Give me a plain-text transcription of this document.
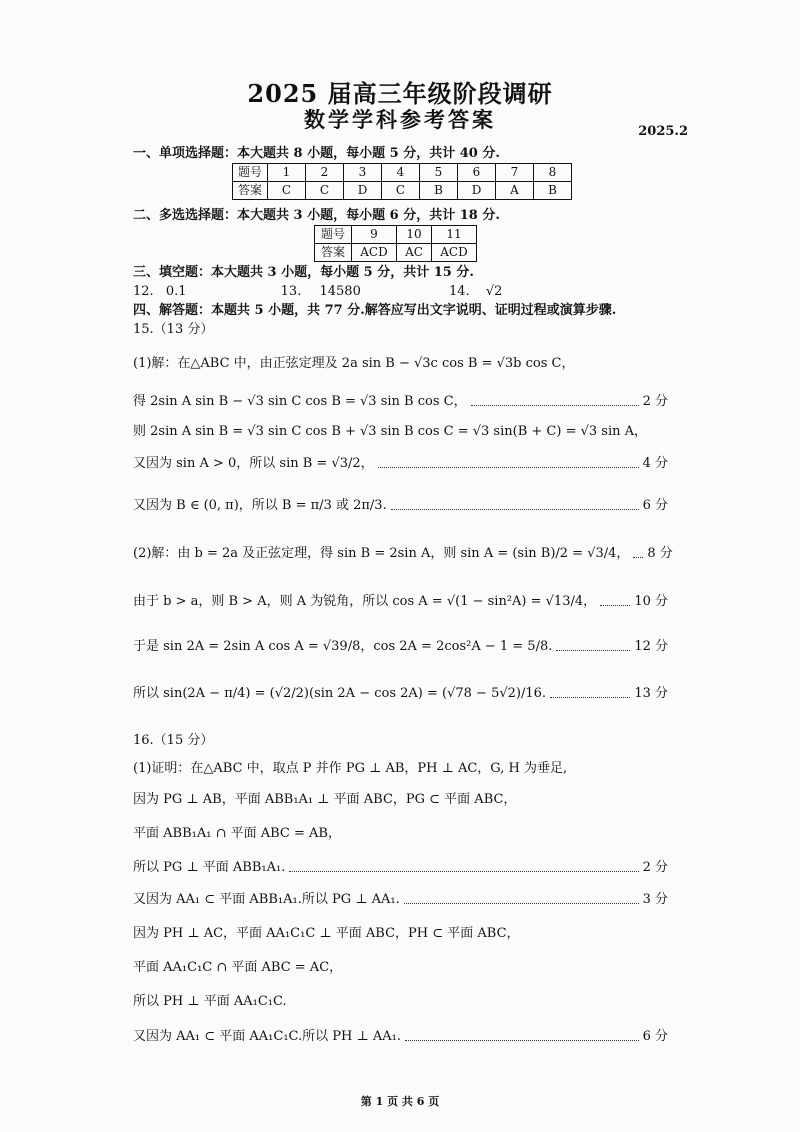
2025 届高三年级阶段调研
数学学科参考答案	2025.2
一、单项选择题：本大题共 8 小题，每小题 5 分，共计 40 分.
题号	1	2	3	4	5	6	7	8
答案	C	C	D	C	B	D	A	B
二、多选选择题：本大题共 3 小题，每小题 6 分，共计 18 分.
题号	9	10	11
答案	ACD	AC	ACD
三、填空题：本大题共 3 小题，每小题 5 分，共计 15 分.
12. 0.1	13. 14580	14. √2
四、解答题：本题共 5 小题，共 77 分.解答应写出文字说明、证明过程或演算步骤.
15.（13 分）
(1)解：在△ABC 中，由正弦定理及 2a sin B − √3c cos B = √3b cos C，
得 2sin A sin B − √3 sin C cos B = √3 sin B cos C，	2 分
则 2sin A sin B = √3 sin C cos B + √3 sin B cos C = √3 sin(B + C) = √3 sin A，
又因为 sin A > 0，所以 sin B = √3/2，	4 分
又因为 B ∈ (0, π)，所以 B = π/3 或 2π/3.	6 分
(2)解：由 b = 2a 及正弦定理，得 sin B = 2sin A，则 sin A = (sin B)/2 = √3/4， 8 分
由于 b > a，则 B > A，则 A 为锐角，所以 cos A = √(1 − sin²A) = √13/4，	10 分
于是 sin 2A = 2sin A cos A = √39/8，cos 2A = 2cos²A − 1 = 5/8.	12 分
所以 sin(2A − π/4) = (√2/2)(sin 2A − cos 2A) = (√78 − 5√2)/16.	13 分
16.（15 分）
(1)证明：在△ABC 中，取点 P 并作 PG ⊥ AB，PH ⊥ AC，G, H 为垂足,
因为 PG ⊥ AB，平面 ABB₁A₁ ⊥ 平面 ABC，PG ⊂ 平面 ABC，
平面 ABB₁A₁ ∩ 平面 ABC = AB，
所以 PG ⊥ 平面 ABB₁A₁.	2 分
又因为 AA₁ ⊂ 平面 ABB₁A₁.所以 PG ⊥ AA₁.	3 分
因为 PH ⊥ AC，平面 AA₁C₁C ⊥ 平面 ABC，PH ⊂ 平面 ABC，
平面 AA₁C₁C ∩ 平面 ABC = AC，
所以 PH ⊥ 平面 AA₁C₁C.
又因为 AA₁ ⊂ 平面 AA₁C₁C.所以 PH ⊥ AA₁.	6 分
第 1 页 共 6 页
